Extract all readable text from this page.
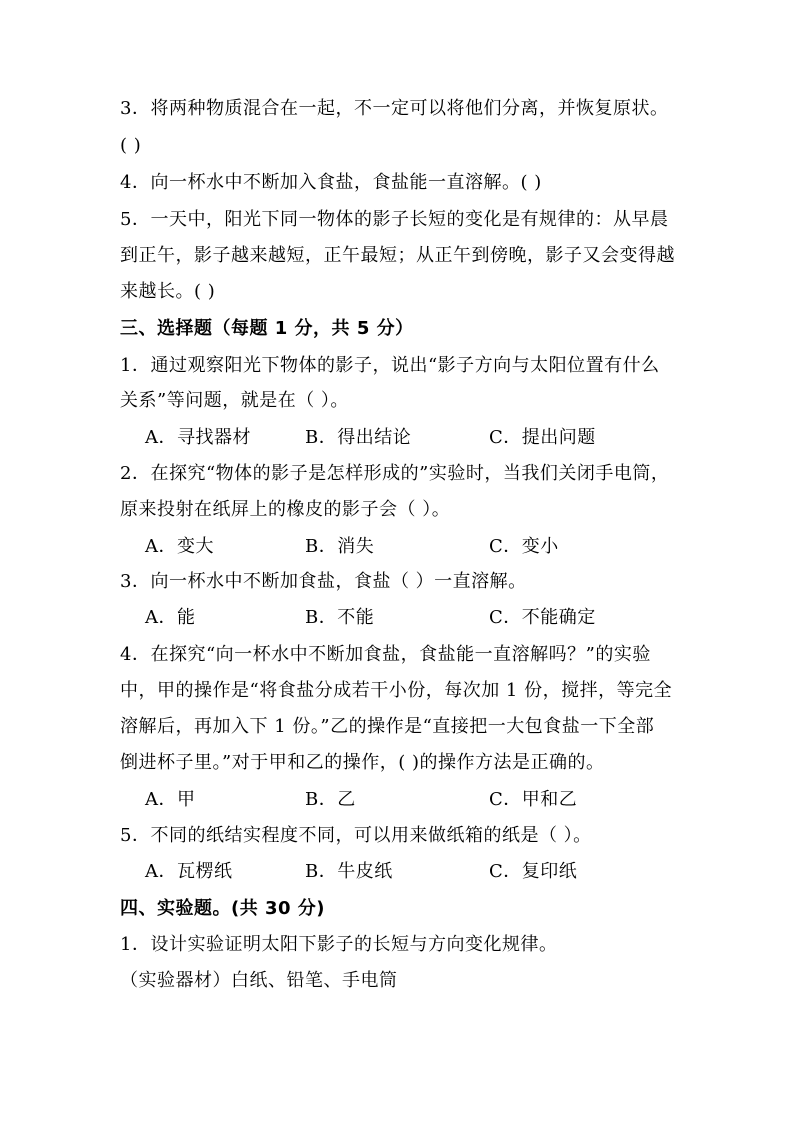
3．将两种物质混合在一起，不一定可以将他们分离，并恢复原状。
( )
4．向一杯水中不断加入食盐，食盐能一直溶解。( )
5．一天中，阳光下同一物体的影子长短的变化是有规律的：从早晨
到正午，影子越来越短，正午最短；从正午到傍晚，影子又会变得越
来越长。( )
三、选择题（每题 1 分，共 5 分）
1．通过观察阳光下物体的影子，说出“影子方向与太阳位置有什么
关系”等问题，就是在（ ）。
A．寻找器材	B．得出结论	C．提出问题
2．在探究“物体的影子是怎样形成的”实验时，当我们关闭手电筒，
原来投射在纸屏上的橡皮的影子会（ ）。
A．变大	B．消失	C．变小
3．向一杯水中不断加食盐，食盐（ ）一直溶解。
A．能	B．不能	C．不能确定
4．在探究“向一杯水中不断加食盐，食盐能一直溶解吗？”的实验
中，甲的操作是“将食盐分成若干小份，每次加 1 份，搅拌，等完全
溶解后，再加入下 1 份。”乙的操作是“直接把一大包食盐一下全部
倒进杯子里。”对于甲和乙的操作，( )的操作方法是正确的。
A．甲	B．乙	C．甲和乙
5．不同的纸结实程度不同，可以用来做纸箱的纸是（ ）。
A．瓦楞纸	B．牛皮纸	C．复印纸
四、实验题。(共 30 分)
1．设计实验证明太阳下影子的长短与方向变化规律。
（实验器材）白纸、铅笔、手电筒
